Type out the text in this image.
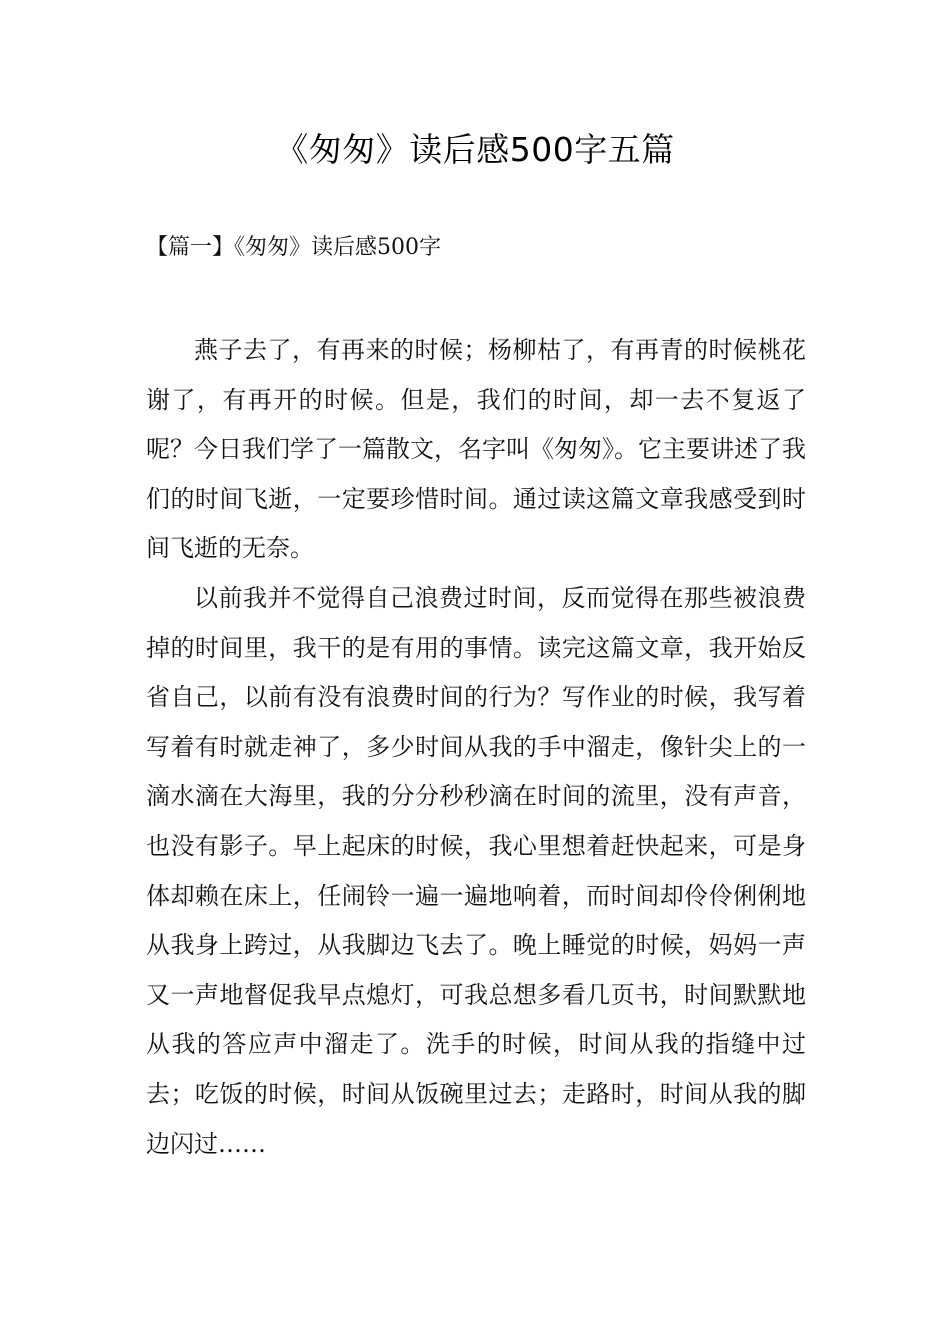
《匆匆》读后感500字五篇
【篇一】《匆匆》读后感500字

燕子去了，有再来的时候；杨柳枯了，有再青的时候桃花谢了，有再开的时候。但是，我们的时间，却一去不复返了呢？今日我们学了一篇散文，名字叫《匆匆》。它主要讲述了我们的时间飞逝，一定要珍惜时间。通过读这篇文章我感受到时间飞逝的无奈。

以前我并不觉得自己浪费过时间，反而觉得在那些被浪费掉的时间里，我干的是有用的事情。读完这篇文章，我开始反省自己，以前有没有浪费时间的行为？写作业的时候，我写着写着有时就走神了，多少时间从我的手中溜走，像针尖上的一滴水滴在大海里，我的分分秒秒滴在时间的流里，没有声音，也没有影子。早上起床的时候，我心里想着赶快起来，可是身体却赖在床上，任闹铃一遍一遍地响着，而时间却伶伶俐俐地从我身上跨过，从我脚边飞去了。晚上睡觉的时候，妈妈一声又一声地督促我早点熄灯，可我总想多看几页书，时间默默地从我的答应声中溜走了。洗手的时候，时间从我的指缝中过去；吃饭的时候，时间从饭碗里过去；走路时，时间从我的脚边闪过……
